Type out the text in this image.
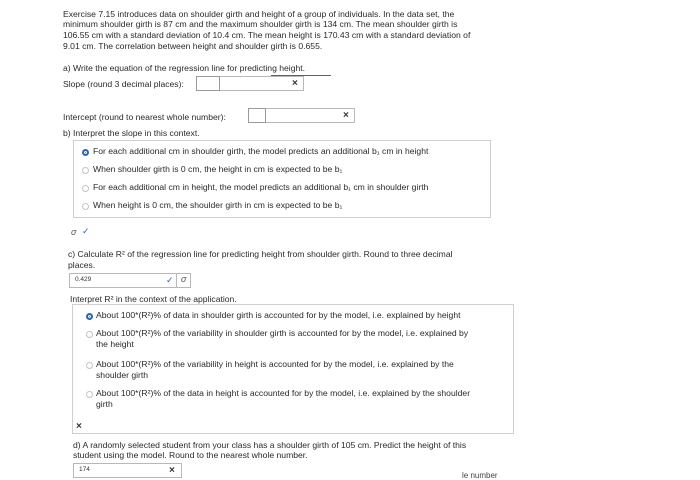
Exercise 7.15 introduces data on shoulder girth and height of a group of individuals. In the data set, the
minimum shoulder girth is 87 cm and the maximum shoulder girth is 134 cm. The mean shoulder girth is
106.55 cm with a standard deviation of 10.4 cm. The mean height is 170.43 cm with a standard deviation of
9.01 cm. The correlation between height and shoulder girth is 0.655.
a) Write the equation of the regression line for predicting height.
Slope (round 3 decimal places):	×
Intercept (round to nearest whole number):	×
b) Interpret the slope in this context.
For each additional cm in shoulder girth, the model predicts an additional b₁ cm in height
When shoulder girth is 0 cm, the height in cm is expected to be b₁
For each additional cm in height, the model predicts an additional b₁ cm in shoulder girth
When height is 0 cm, the shoulder girth in cm is expected to be b₁
σ ✓
c) Calculate R² of the regression line for predicting height from shoulder girth. Round to three decimal
places.
0.429	✓ σ
Interpret R² in the context of the application.
About 100*(R²)% of data in shoulder girth is accounted for by the model, i.e. explained by height
About 100*(R²)% of the variability in shoulder girth is accounted for by the model, i.e. explained by
the height
About 100*(R²)% of the variability in height is accounted for by the model, i.e. explained by the
shoulder girth
About 100*(R²)% of the data in height is accounted for by the model, i.e. explained by the shoulder
girth
×
d) A randomly selected student from your class has a shoulder girth of 105 cm. Predict the height of this
student using the model. Round to the nearest whole number.
174	×	le number
